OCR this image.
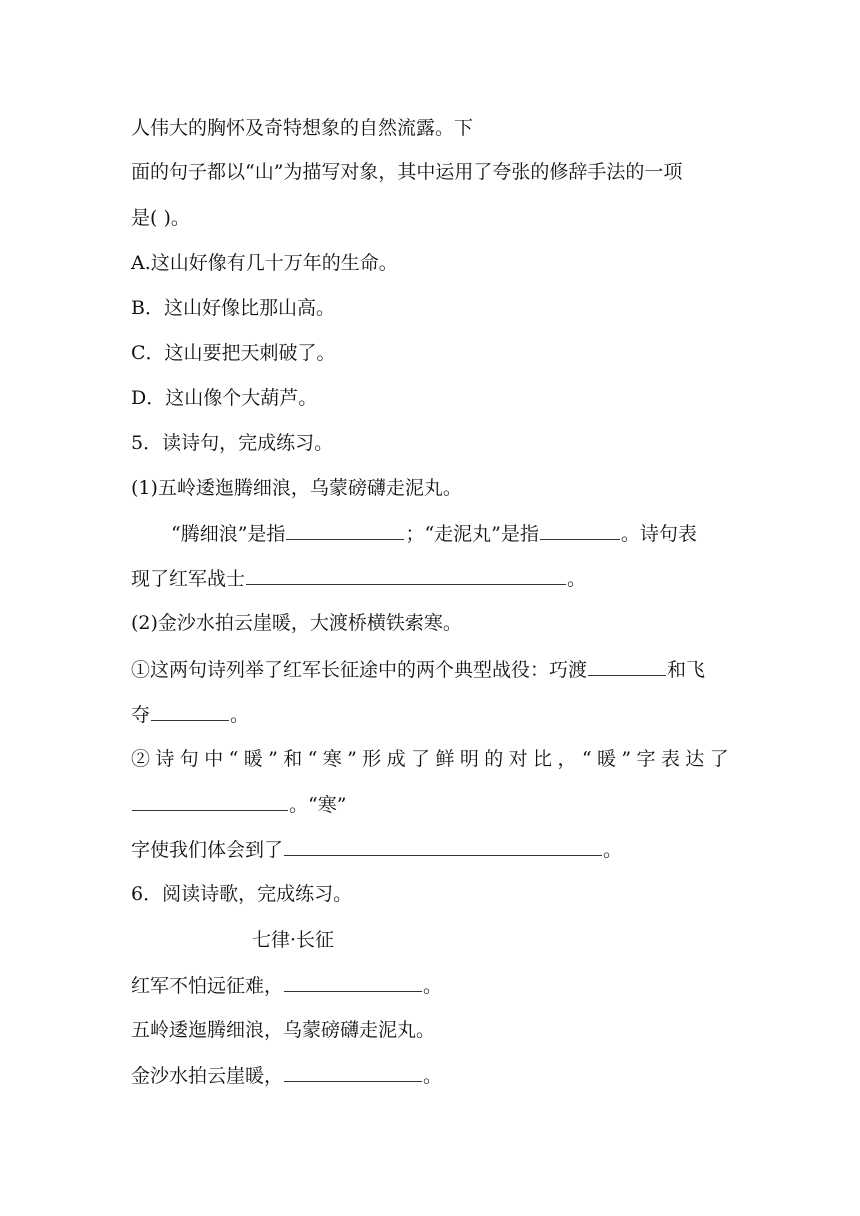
人伟大的胸怀及奇特想象的自然流露。下
面的句子都以“山”为描写对象，其中运用了夸张的修辞手法的一项
是( )。
A.这山好像有几十万年的生命。
B．这山好像比那山高。
C．这山要把天刺破了。
D．这山像个大葫芦。
5．读诗句，完成练习。
(1)五岭逶迤腾细浪，乌蒙磅礴走泥丸。
“腾细浪”是指	；“走泥丸”是指	。诗句表
现了红军战士	。
(2)金沙水拍云崖暖，大渡桥横铁索寒。
①这两句诗列举了红军长征途中的两个典型战役：巧渡	和飞
夺	。
②诗句中“暖”和“寒”形成了鲜明的对比，“暖”字表达了
。“寒”
字使我们体会到了	。
6．阅读诗歌，完成练习。
七律·长征
红军不怕远征难，	。
五岭逶迤腾细浪，乌蒙磅礴走泥丸。
金沙水拍云崖暖，	。
